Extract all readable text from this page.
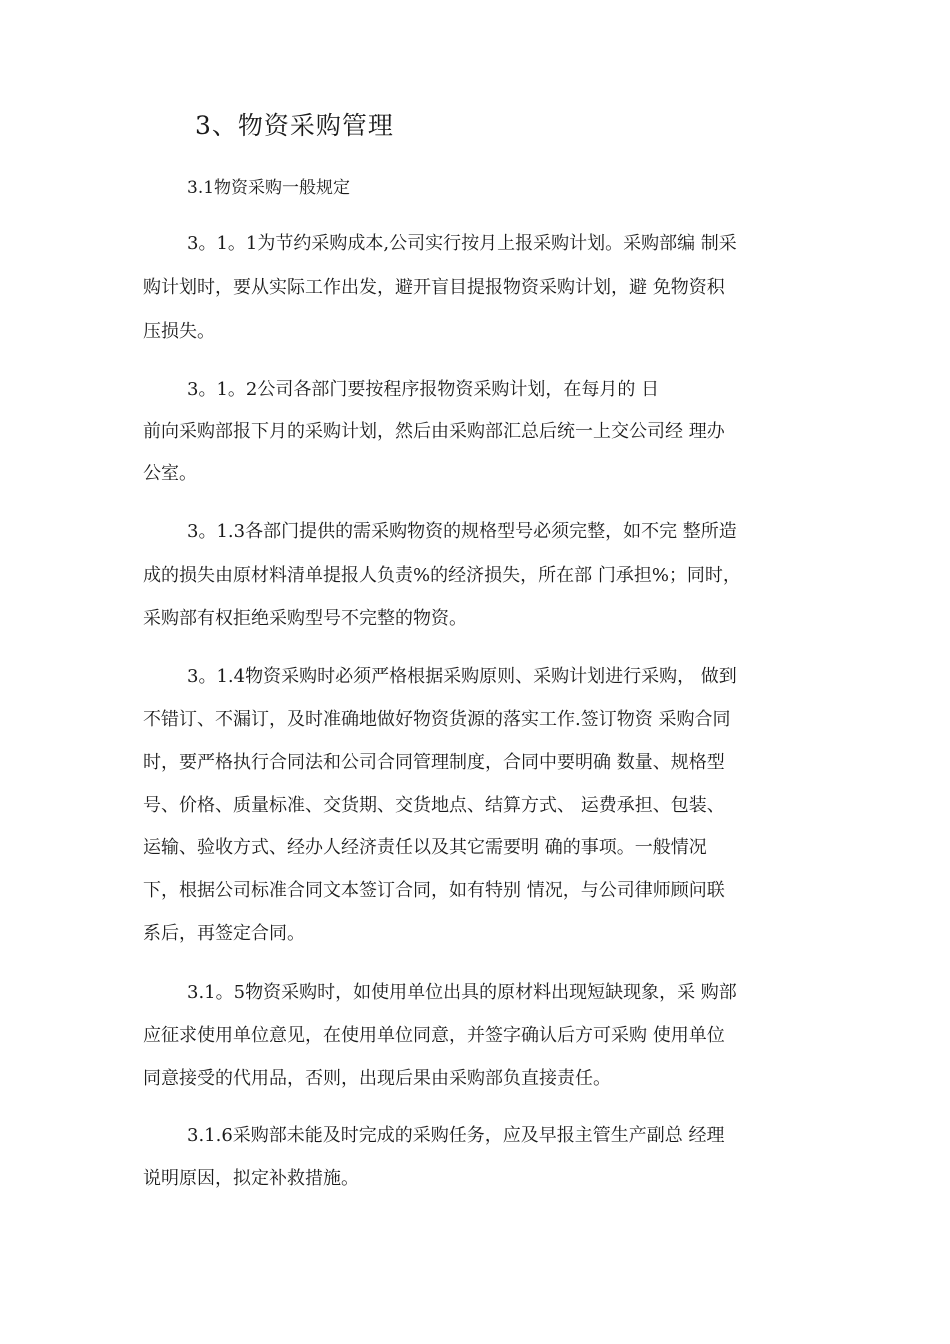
3、物资采购管理
3.1物资采购一般规定

3。1。1为节约采购成本,公司实行按月上报采购计划。采购部编 制采

购计划时，要从实际工作出发，避开盲目提报物资采购计划，避 免物资积

压损失。

3。1。2公司各部门要按程序报物资采购计划，在每月的 日

前向采购部报下月的采购计划，然后由采购部汇总后统一上交公司经 理办

公室。

3。1.3各部门提供的需采购物资的规格型号必须完整，如不完 整所造

成的损失由原材料清单提报人负责%的经济损失，所在部 门承担%；同时，

采购部有权拒绝采购型号不完整的物资。

3。1.4物资采购时必须严格根据采购原则、采购计划进行采购， 做到

不错订、不漏订，及时准确地做好物资货源的落实工作.签订物资 采购合同

时，要严格执行合同法和公司合同管理制度，合同中要明确 数量、规格型

号、价格、质量标准、交货期、交货地点、结算方式、 运费承担、包装、

运输、验收方式、经办人经济责任以及其它需要明 确的事项。一般情况

下，根据公司标准合同文本签订合同，如有特别 情况，与公司律师顾问联

系后，再签定合同。

3.1。5物资采购时，如使用单位出具的原材料出现短缺现象，采 购部

应征求使用单位意见，在使用单位同意，并签字确认后方可采购 使用单位

同意接受的代用品，否则，出现后果由采购部负直接责任。

3.1.6采购部未能及时完成的采购任务，应及早报主管生产副总 经理

说明原因，拟定补救措施。
